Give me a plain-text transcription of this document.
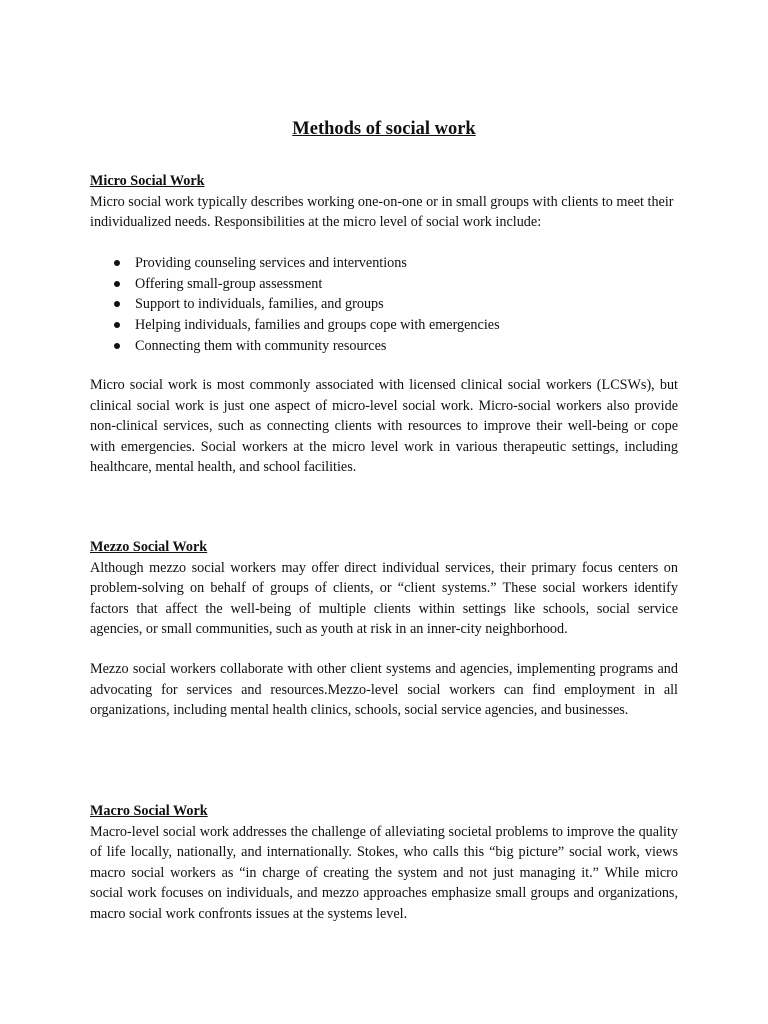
Methods of social work

Micro Social Work

Micro social work typically describes working one-on-one or in small groups with clients to meet their individualized needs. Responsibilities at the micro level of social work include:

Providing counseling services and interventions
Offering small-group assessment
Support to individuals, families, and groups
Helping individuals, families and groups cope with emergencies
Connecting them with community resources

Micro social work is most commonly associated with licensed clinical social workers (LCSWs), but clinical social work is just one aspect of micro-level social work. Micro-social workers also provide non-clinical services, such as connecting clients with resources to improve their well-being or cope with emergencies. Social workers at the micro level work in various therapeutic settings, including healthcare, mental health, and school facilities.

Mezzo Social Work

Although mezzo social workers may offer direct individual services, their primary focus centers on problem-solving on behalf of groups of clients, or “client systems.” These social workers identify factors that affect the well-being of multiple clients within settings like schools, social service agencies, or small communities, such as youth at risk in an inner-city neighborhood.

Mezzo social workers collaborate with other client systems and agencies, implementing programs and advocating for services and resources.Mezzo-level social workers can find employment in all organizations, including mental health clinics, schools, social service agencies, and businesses.

Macro Social Work

Macro-level social work addresses the challenge of alleviating societal problems to improve the quality of life locally, nationally, and internationally. Stokes, who calls this “big picture” social work, views macro social workers as “in charge of creating the system and not just managing it.” While micro social work focuses on individuals, and mezzo approaches emphasize small groups and organizations, macro social work confronts issues at the systems level.
